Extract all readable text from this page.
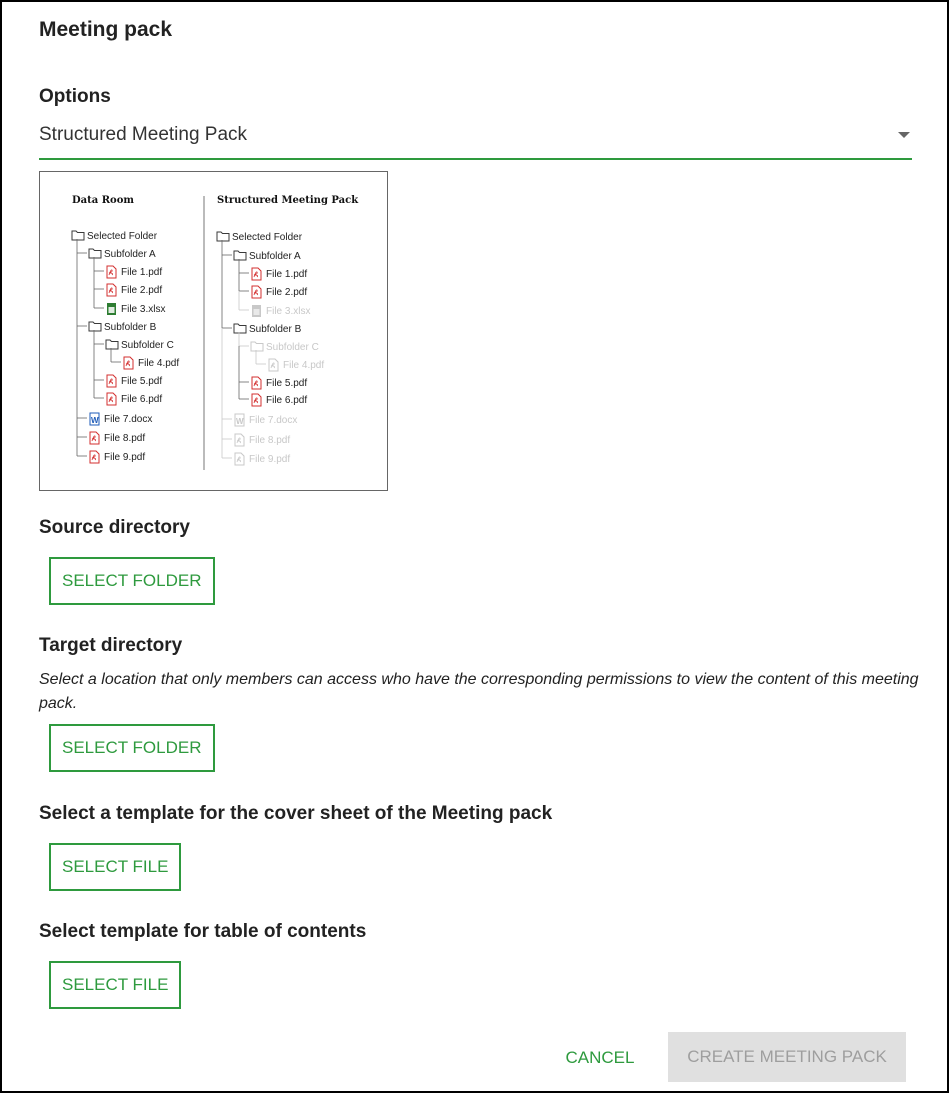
Meeting pack
Options
Structured Meeting Pack
Data Room	Structured Meeting Pack
Selected Folder
Subfolder A
File 1.pdf
File 2.pdf
File 3.xlsx
Subfolder B
Subfolder C
File 4.pdf
File 5.pdf
File 6.pdf
W File 7.docx
File 8.pdf
File 9.pdf
Selected Folder
Subfolder A
File 1.pdf
File 2.pdf
File 3.xlsx
Subfolder B
Subfolder C
File 4.pdf
File 5.pdf
File 6.pdf
W File 7.docx
File 8.pdf
File 9.pdf
Source directory
SELECT FOLDER
Target directory
Select a location that only members can access who have the corresponding permissions to view the content of this meeting pack.
SELECT FOLDER
Select a template for the cover sheet of the Meeting pack
SELECT FILE
Select template for table of contents
SELECT FILE
CANCEL	CREATE MEETING PACK
